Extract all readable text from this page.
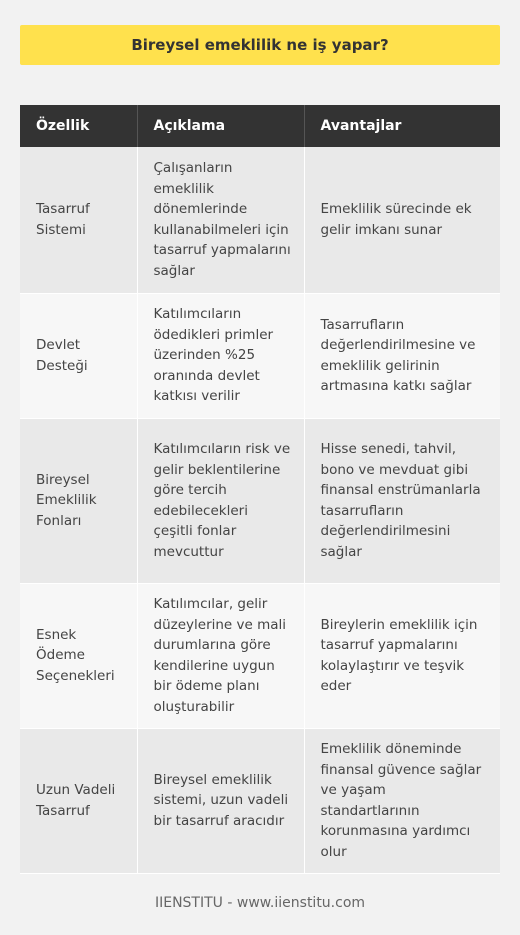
Bireysel emeklilik ne iş yapar?
Özellik	Açıklama	Avantajlar
Tasarruf Sistemi	Çalışanların emeklilik dönemlerinde kullanabilmeleri için tasarruf yapmalarını sağlar	Emeklilik sürecinde ek gelir imkanı sunar
Devlet Desteği	Katılımcıların ödedikleri primler üzerinden %25 oranında devlet katkısı verilir	Tasarrufların değerlendirilmesine ve emeklilik gelirinin artmasına katkı sağlar
Bireysel Emeklilik Fonları	Katılımcıların risk ve gelir beklentilerine göre tercih edebilecekleri çeşitli fonlar mevcuttur	Hisse senedi, tahvil, bono ve mevduat gibi finansal enstrümanlarla tasarrufların değerlendirilmesini sağlar
Esnek Ödeme Seçenekleri	Katılımcılar, gelir düzeylerine ve mali durumlarına göre kendilerine uygun bir ödeme planı oluşturabilir	Bireylerin emeklilik için tasarruf yapmalarını kolaylaştırır ve teşvik eder
Uzun Vadeli Tasarruf	Bireysel emeklilik sistemi, uzun vadeli bir tasarruf aracıdır	Emeklilik döneminde finansal güvence sağlar ve yaşam standartlarının korunmasına yardımcı olur
IIENSTITU - www.iienstitu.com
